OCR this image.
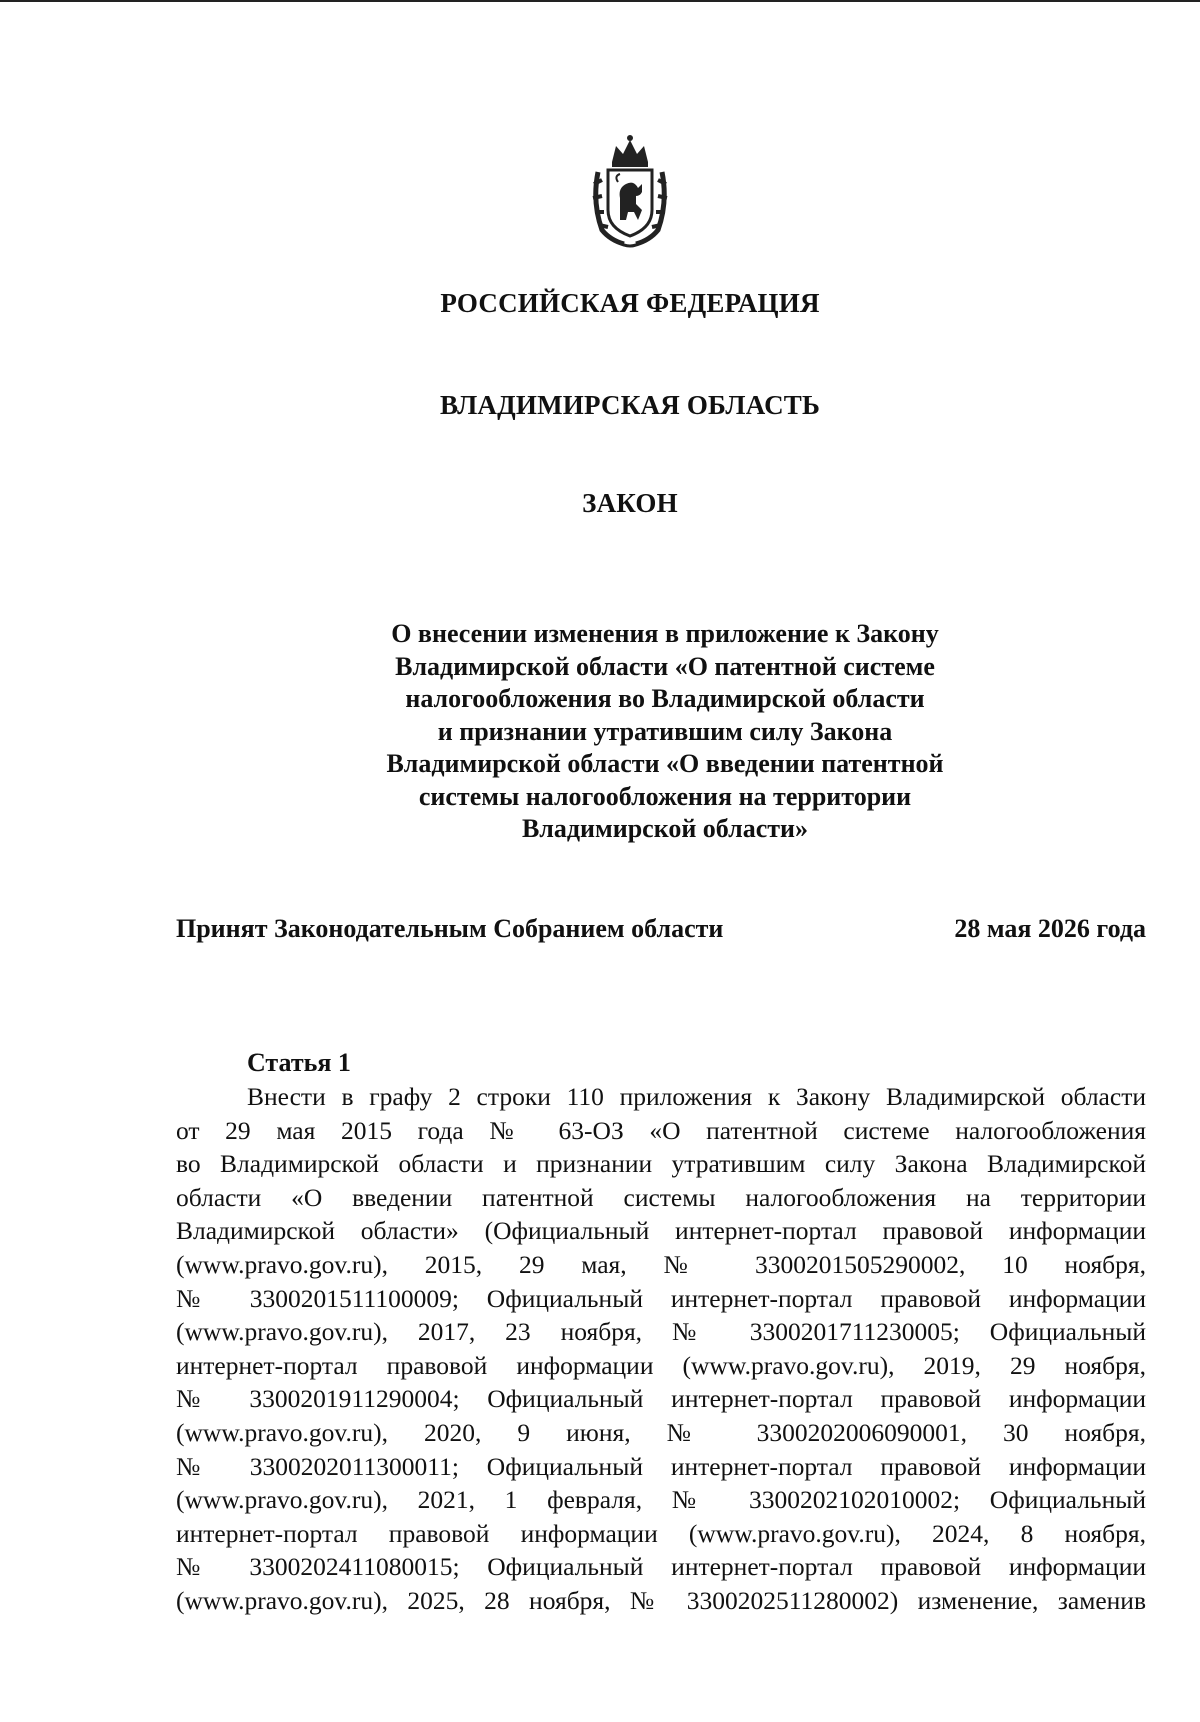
РОССИЙСКАЯ ФЕДЕРАЦИЯ
ВЛАДИМИРСКАЯ ОБЛАСТЬ
ЗАКОН
О внесении изменения в приложение к Закону
Владимирской области «О патентной системе
налогообложения во Владимирской области
и признании утратившим силу Закона
Владимирской области «О введении патентной
системы налогообложения на территории
Владимирской области»
Принят Законодательным Собранием области	28 мая 2026 года
Статья 1
Внести в графу 2 строки 110 приложения к Закону Владимирской области
от 29 мая 2015 года № 63-ОЗ «О патентной системе налогообложения
во Владимирской области и признании утратившим силу Закона Владимирской
области «О введении патентной системы налогообложения на территории
Владимирской области» (Официальный интернет-портал правовой информации
(www.pravo.gov.ru), 2015, 29 мая, № 3300201505290002, 10 ноября,
№ 3300201511100009; Официальный интернет-портал правовой информации
(www.pravo.gov.ru), 2017, 23 ноября, № 3300201711230005; Официальный
интернет-портал правовой информации (www.pravo.gov.ru), 2019, 29 ноября,
№ 3300201911290004; Официальный интернет-портал правовой информации
(www.pravo.gov.ru), 2020, 9 июня, № 3300202006090001, 30 ноября,
№ 3300202011300011; Официальный интернет-портал правовой информации
(www.pravo.gov.ru), 2021, 1 февраля, № 3300202102010002; Официальный
интернет-портал правовой информации (www.pravo.gov.ru), 2024, 8 ноября,
№ 3300202411080015; Официальный интернет-портал правовой информации
(www.pravo.gov.ru), 2025, 28 ноября, № 3300202511280002) изменение, заменив
